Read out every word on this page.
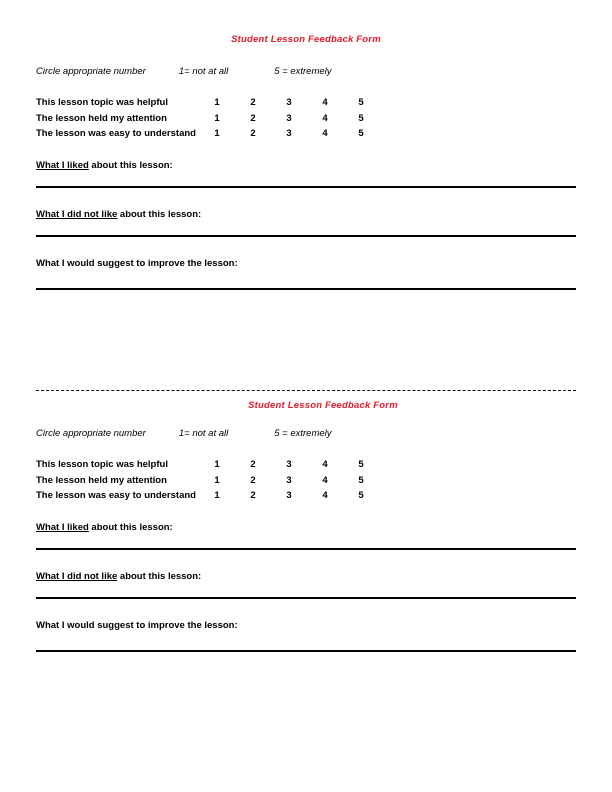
Student Lesson Feedback Form
Circle appropriate number	1= not at all	5 = extremely
This lesson topic was helpful	1	2	3	4	5
The lesson held my attention	1	2	3	4	5
The lesson was easy to understand	1	2	3	4	5
What I liked about this lesson:
What I did not like about this lesson:
What I would suggest to improve the lesson:
Student Lesson Feedback Form
Circle appropriate number	1= not at all	5 = extremely
This lesson topic was helpful	1	2	3	4	5
The lesson held my attention	1	2	3	4	5
The lesson was easy to understand	1	2	3	4	5
What I liked about this lesson:
What I did not like about this lesson:
What I would suggest to improve the lesson:
